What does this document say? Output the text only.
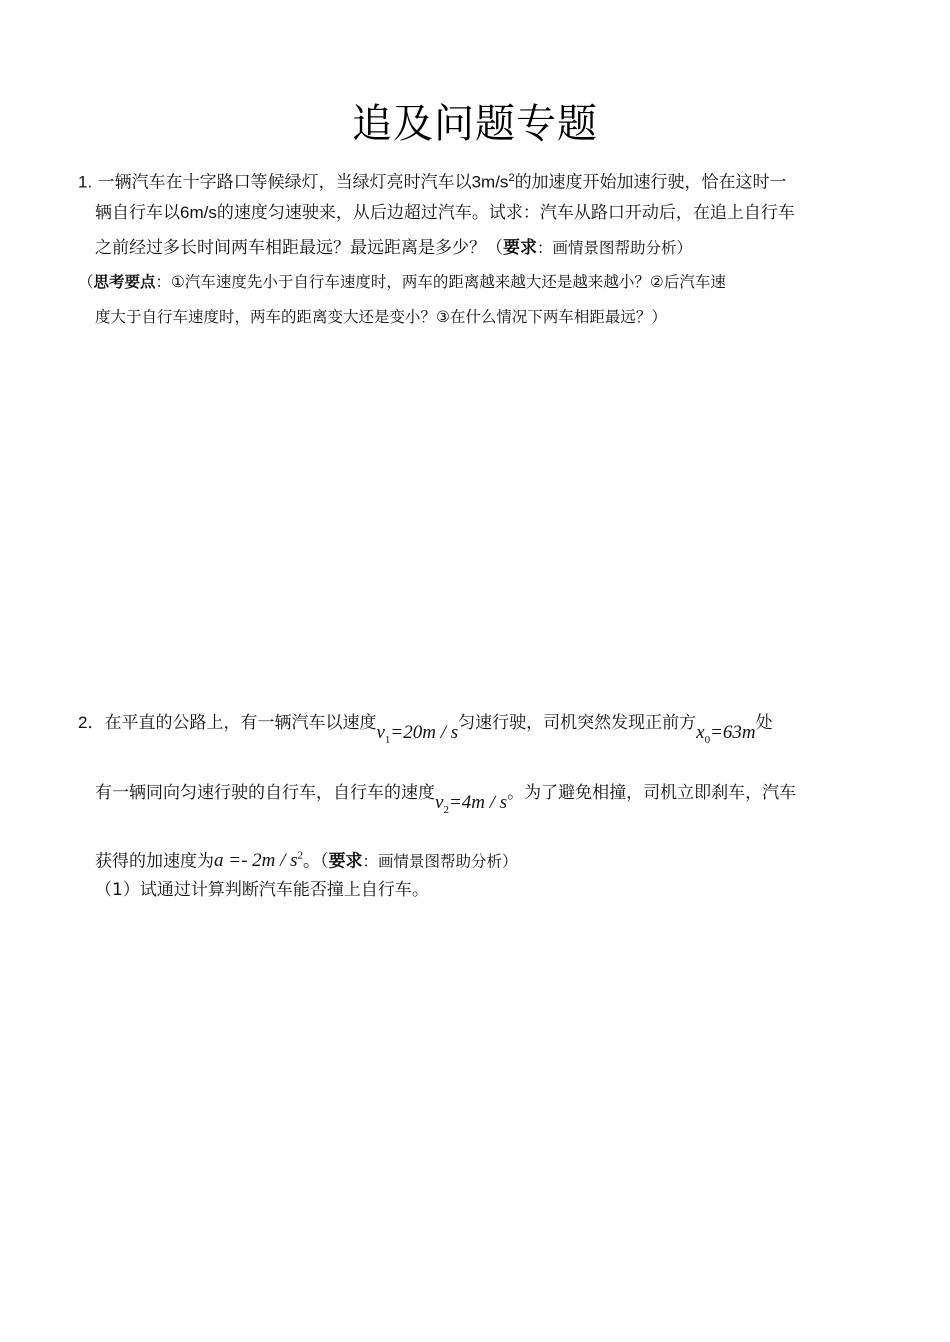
追及问题专题
1. 一辆汽车在十字路口等候绿灯，当绿灯亮时汽车以$3m/s^2$的加速度开始加速行驶，恰在这时一
辆自行车以6m/s的速度匀速驶来，从后边超过汽车。试求：汽车从路口开动后，在追上自行车
之前经过多长时间两车相距最远？最远距离是多少？（要求：画情景图帮助分析）
（思考要点：①汽车速度先小于自行车速度时，两车的距离越来越大还是越来越小？②后汽车速
度大于自行车速度时，两车的距离变大还是变小？③在什么情况下两车相距最远？）
2．在平直的公路上，有一辆汽车以速度$v_1=20m / s$匀速行驶，司机突然发现正前方$x_0=63m$处
有一辆同向匀速行驶的自行车，自行车的速度$v_2=4m / s$。为了避免相撞，司机立即刹车，汽车
获得的加速度为$a =- 2m / s^2$。（要求：画情景图帮助分析）
（1）试通过计算判断汽车能否撞上自行车。
